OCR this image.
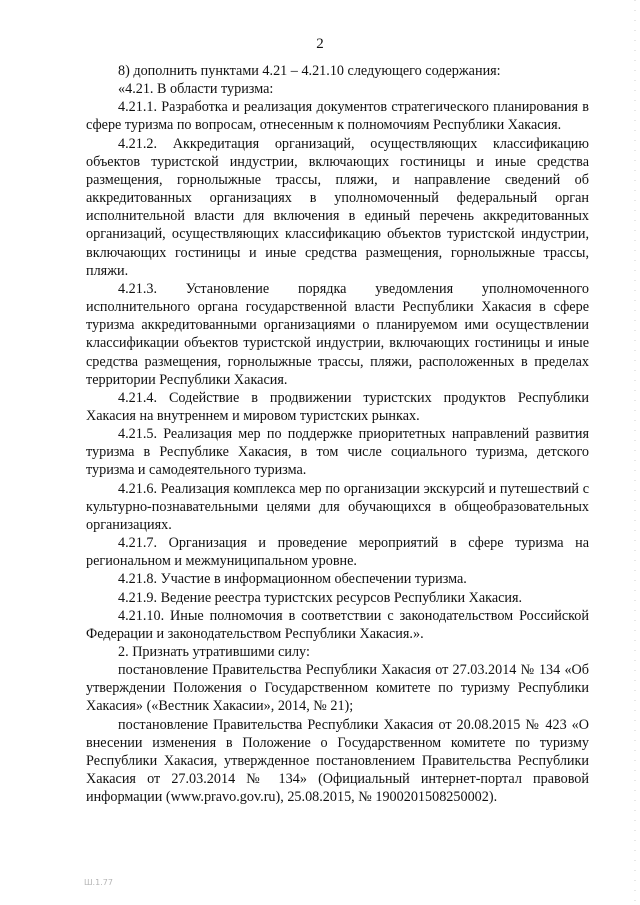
2

8) дополнить пунктами 4.21 – 4.21.10 следующего содержания:

«4.21. В области туризма:

4.21.1. Разработка и реализация документов стратегического планирования в сфере туризма по вопросам, отнесенным к полномочиям Республики Хакасия.

4.21.2. Аккредитация организаций, осуществляющих классификацию объектов туристской индустрии, включающих гостиницы и иные средства размещения, горнолыжные трассы, пляжи, и направление сведений об аккредитованных организациях в уполномоченный федеральный орган исполнительной власти для включения в единый перечень аккредитованных организаций, осуществляющих классификацию объектов туристской индустрии, включающих гостиницы и иные средства размещения, горнолыжные трассы, пляжи.

4.21.3. Установление порядка уведомления уполномоченного исполнительного органа государственной власти Республики Хакасия в сфере туризма аккредитованными организациями о планируемом ими осуществлении классификации объектов туристской индустрии, включающих гостиницы и иные средства размещения, горнолыжные трассы, пляжи, расположенных в пределах территории Республики Хакасия.

4.21.4. Содействие в продвижении туристских продуктов Республики Хакасия на внутреннем и мировом туристских рынках.

4.21.5. Реализация мер по поддержке приоритетных направлений развития туризма в Республике Хакасия, в том числе социального туризма, детского туризма и самодеятельного туризма.

4.21.6. Реализация комплекса мер по организации экскурсий и путешествий с культурно-познавательными целями для обучающихся в общеобразовательных организациях.

4.21.7. Организация и проведение мероприятий в сфере туризма на региональном и межмуниципальном уровне.

4.21.8. Участие в информационном обеспечении туризма.

4.21.9. Ведение реестра туристских ресурсов Республики Хакасия.

4.21.10. Иные полномочия в соответствии с законодательством Российской Федерации и законодательством Республики Хакасия.».

2. Признать утратившими силу:

постановление Правительства Республики Хакасия от 27.03.2014 № 134 «Об утверждении Положения о Государственном комитете по туризму Республики Хакасия» («Вестник Хакасии», 2014, № 21);

постановление Правительства Республики Хакасия от 20.08.2015 № 423 «О внесении изменения в Положение о Государственном комитете по туризму Республики Хакасия, утвержденное постановлением Правительства Республики Хакасия от 27.03.2014 № 134» (Официальный интернет-портал правовой информации (www.pravo.gov.ru), 25.08.2015, № 1900201508250002).

Ш.1.77
